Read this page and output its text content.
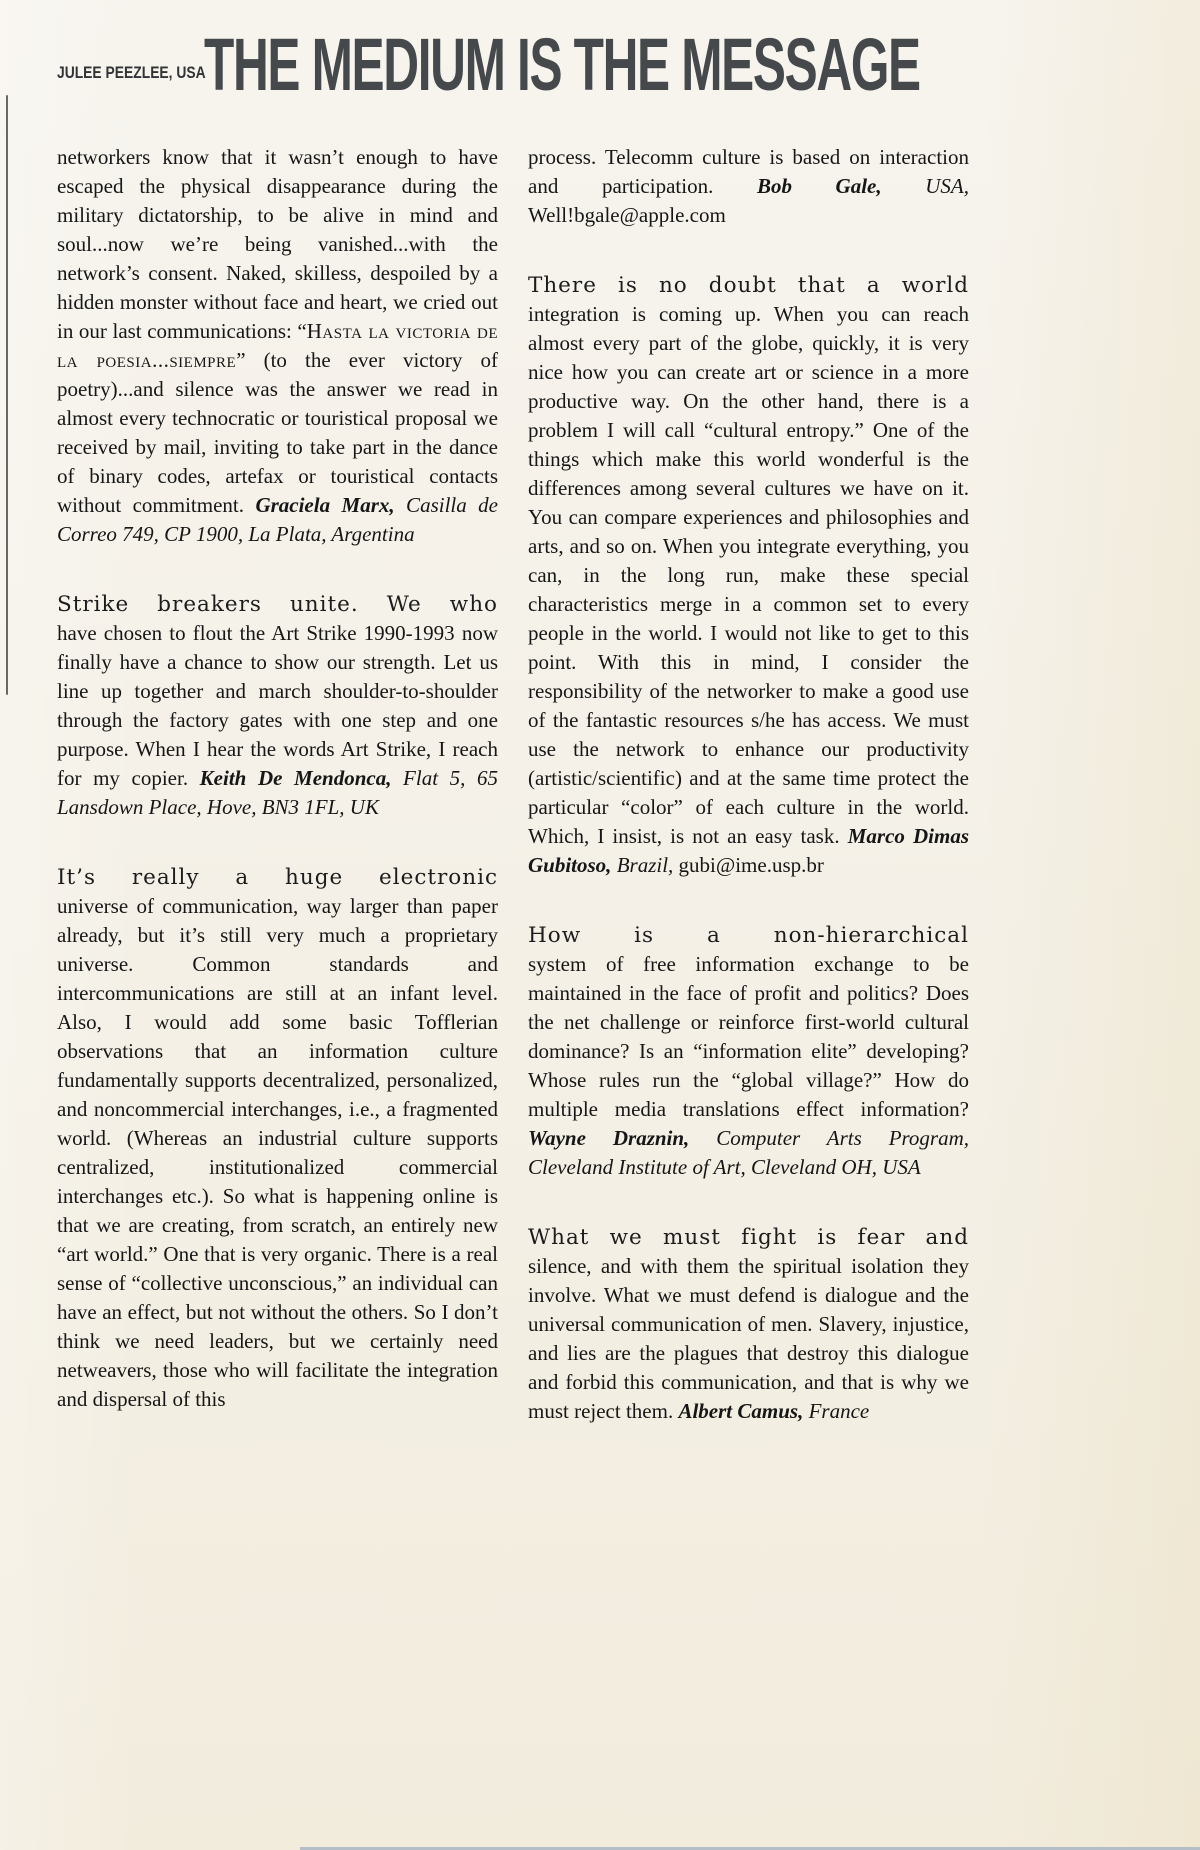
JULEE PEEZLEE, USA
THE MEDIUM IS THE MESSAGE

networkers know that it wasn’t enough to have escaped the physical disappearance during the military dictatorship, to be alive in mind and soul...now we’re being vanished...with the network’s consent. Naked, skilless, despoiled by a hidden monster without face and heart, we cried out in our last communications: “Hasta la victoria de la poesia...siempre” (to the ever victory of poetry)...and silence was the answer we read in almost every technocratic or touristical proposal we received by mail, inviting to take part in the dance of binary codes, artefax or touristical contacts without commitment. Graciela Marx, Casilla de Correo 749, CP 1900, La Plata, Argentina

Strike breakers unite. We who
have chosen to flout the Art Strike 1990-1993 now finally have a chance to show our strength. Let us line up together and march shoulder-to-shoulder through the factory gates with one step and one purpose. When I hear the words Art Strike, I reach for my copier. Keith De Mendonca, Flat 5, 65 Lansdown Place, Hove, BN3 1FL, UK

It’s really a huge electronic
universe of communication, way larger than paper already, but it’s still very much a proprietary universe. Common standards and intercommunications are still at an infant level. Also, I would add some basic Tofflerian observations that an information culture fundamentally supports decentralized, personalized, and noncommercial interchanges, i.e., a fragmented world. (Whereas an industrial culture supports centralized, institutionalized commercial interchanges etc.). So what is happening online is that we are creating, from scratch, an entirely new “art world.” One that is very organic. There is a real sense of “collective unconscious,” an individual can have an effect, but not without the others. So I don’t think we need leaders, but we certainly need netweavers, those who will facilitate the integration and dispersal of this

process. Telecomm culture is based on interaction and participation. Bob Gale, USA, Well!bgale@apple.com

There is no doubt that a world
integration is coming up. When you can reach almost every part of the globe, quickly, it is very nice how you can create art or science in a more productive way. On the other hand, there is a problem I will call “cultural entropy.” One of the things which make this world wonderful is the differences among several cultures we have on it. You can compare experiences and philosophies and arts, and so on. When you integrate everything, you can, in the long run, make these special characteristics merge in a common set to every people in the world. I would not like to get to this point. With this in mind, I consider the responsibility of the networker to make a good use of the fantastic resources s/he has access. We must use the network to enhance our productivity (artistic/scientific) and at the same time protect the particular “color” of each culture in the world. Which, I insist, is not an easy task. Marco Dimas Gubitoso, Brazil, gubi@ime.usp.br

How is a non-hierarchical
system of free information exchange to be maintained in the face of profit and politics? Does the net challenge or reinforce first-world cultural dominance? Is an “information elite” developing? Whose rules run the “global village?” How do multiple media translations effect information? Wayne Draznin, Computer Arts Program, Cleveland Institute of Art, Cleveland OH, USA

What we must fight is fear and
silence, and with them the spiritual isolation they involve. What we must defend is dialogue and the universal communication of men. Slavery, injustice, and lies are the plagues that destroy this dialogue and forbid this communication, and that is why we must reject them. Albert Camus, France
